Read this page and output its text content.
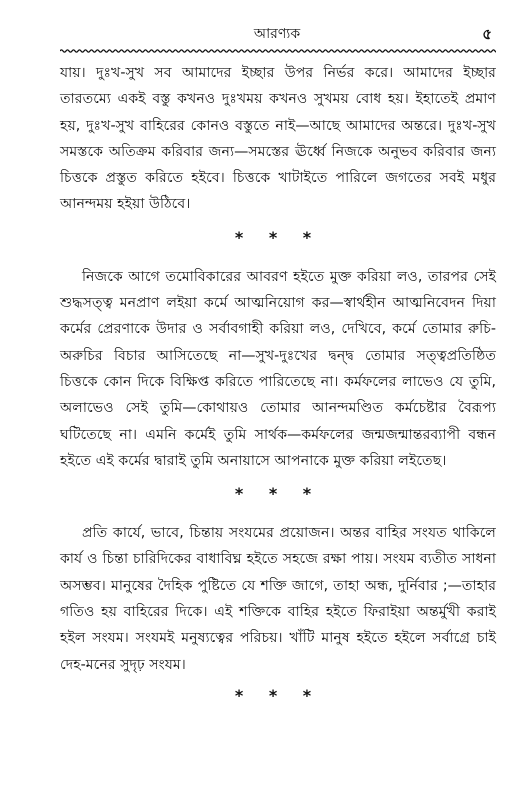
আরণ্যক	৫

যায়। দুঃখ-সুখ সব আমাদের ইচ্ছার উপর নির্ভর করে। আমাদের ইচ্ছার তারতম্যে একই বস্তু কখনও দুঃখময় কখনও সুখময় বোধ হয়। ইহাতেই প্রমাণ হয়, দুঃখ-সুখ বাহিরের কোনও বস্তুতে নাই—আছে আমাদের অন্তরে। দুঃখ-সুখ সমস্তকে অতিক্রম করিবার জন্য—সমস্তের ঊর্ধ্বে নিজকে অনুভব করিবার জন্য চিত্তকে প্রস্তুত করিতে হইবে। চিত্তকে খাটাইতে পারিলে জগতের সবই মধুর আনন্দময় হইয়া উঠিবে।

* * *

নিজকে আগে তমোবিকারের আবরণ হইতে মুক্ত করিয়া লও, তারপর সেই শুদ্ধসত্ত্ব মনপ্রাণ লইয়া কর্মে আত্মনিয়োগ কর—স্বার্থহীন আত্মনিবেদন দিয়া কর্মের প্রেরণাকে উদার ও সর্বাবগাহী করিয়া লও, দেখিবে, কর্মে তোমার রুচি-অরুচির বিচার আসিতেছে না—সুখ-দুঃখের দ্বন্দ্ব তোমার সত্ত্বপ্রতিষ্ঠিত চিত্তকে কোন দিকে বিক্ষিপ্ত করিতে পারিতেছে না। কর্মফলের লাভেও যে তুমি, অলাভেও সেই তুমি—কোথায়ও তোমার আনন্দমণ্ডিত কর্মচেষ্টার বৈরূপ্য ঘটিতেছে না। এমনি কর্মেই তুমি সার্থক—কর্মফলের জন্মজন্মান্তরব্যাপী বন্ধন হইতে এই কর্মের দ্বারাই তুমি অনায়াসে আপনাকে মুক্ত করিয়া লইতেছ।

* * *

প্রতি কার্যে, ভাবে, চিন্তায় সংযমের প্রয়োজন। অন্তর বাহির সংযত থাকিলে কার্য ও চিন্তা চারিদিকের বাধাবিঘ্ন হইতে সহজে রক্ষা পায়। সংযম ব্যতীত সাধনা অসম্ভব। মানুষের দৈহিক পুষ্টিতে যে শক্তি জাগে, তাহা অন্ধ, দুর্নিবার ;—তাহার গতিও হয় বাহিরের দিকে। এই শক্তিকে বাহির হইতে ফিরাইয়া অন্তর্মুখী করাই হইল সংযম। সংযমই মনুষ্যত্বের পরিচয়। খাঁটি মানুষ হইতে হইলে সর্বাগ্রে চাই দেহ-মনের সুদৃঢ় সংযম।

* * *
